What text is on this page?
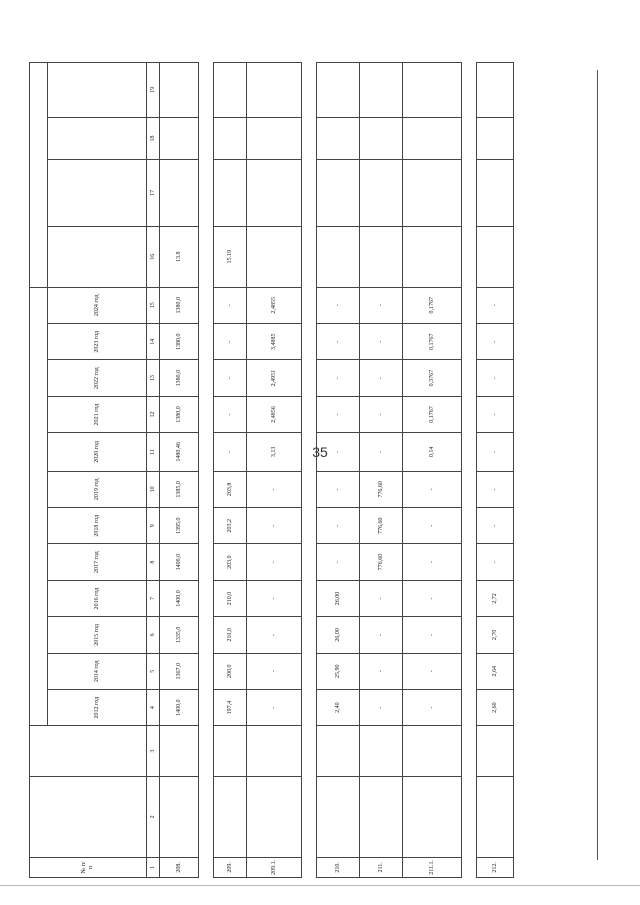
35
№ п/п																		
			2012 год	2014 год	2015 год	2016 год	2017 год	2018 год	2019 год	2020 год	2021 год	2022 год	2023 год	2024 год				
1	2	3	4	5	6	7	8	9	10	11	12	13	14	15	16	17	18	19
208.			1400,0	1367,0	1335,0	1400,0	1400,0	1395,0	1385,0	1480,46	1380,0	1380,0	1380,0	1380,0	13.8			

209.			197,4	200,0	210,0	210,0	203,0	203,2	203,8	-	-	-	-	-	15.19			
209.1.			-	-	-	-	-	-	-	3,13	2,4856	2,4951	3,4885	2,4855				

210.			2,40	25,90	26,00	26,00	-	-	-	-	-	-	-	-				
211.			-	-	-	-	776,60	776,60	776,60	-	-	-	-	-				
211.1.			-	-	-	-	-	-	-	0,14	0,1767	0,3767	0,1767	0,1767				

212.			2,60	2,64	2,70	2,72	-	-	-	-	-	-	-	-				
